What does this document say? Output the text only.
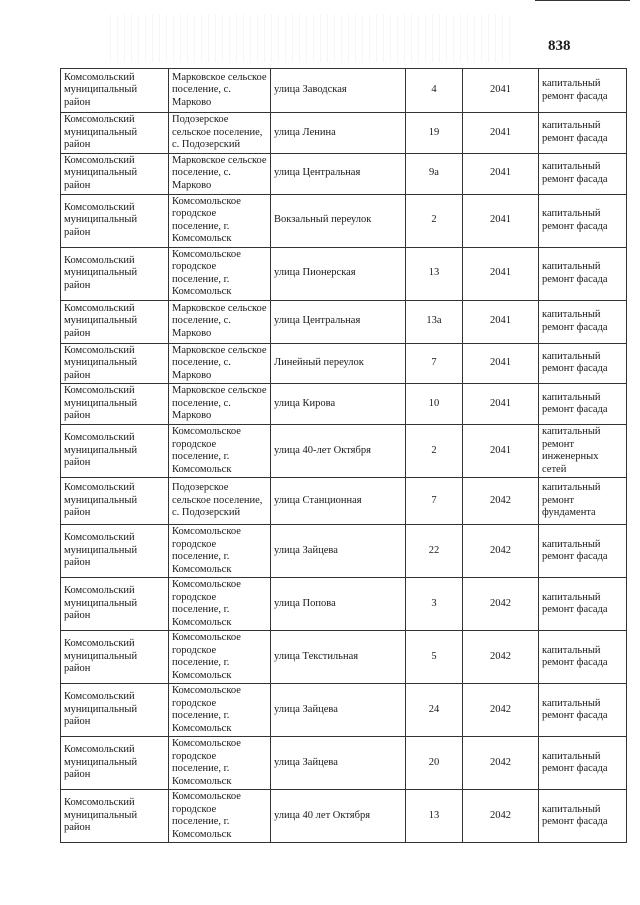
838
Комсомольский муниципальный район	Марковское сельское поселение, с. Марково	улица Заводская	4	2041	капитальный ремонт фасада
Комсомольский муниципальный район	Подозерское сельское поселение, с. Подозерский	улица Ленина	19	2041	капитальный ремонт фасада
Комсомольский муниципальный район	Марковское сельское поселение, с. Марково	улица Центральная	9а	2041	капитальный ремонт фасада
Комсомольский муниципальный район	Комсомольское городское поселение, г. Комсомольск	Вокзальный переулок	2	2041	капитальный ремонт фасада
Комсомольский муниципальный район	Комсомольское городское поселение, г. Комсомольск	улица Пионерская	13	2041	капитальный ремонт фасада
Комсомольский муниципальный район	Марковское сельское поселение, с. Марково	улица Центральная	13а	2041	капитальный ремонт фасада
Комсомольский муниципальный район	Марковское сельское поселение, с. Марково	Линейный переулок	7	2041	капитальный ремонт фасада
Комсомольский муниципальный район	Марковское сельское поселение, с. Марково	улица Кирова	10	2041	капитальный ремонт фасада
Комсомольский муниципальный район	Комсомольское городское поселение, г. Комсомольск	улица 40-лет Октября	2	2041	капитальный ремонт инженерных сетей
Комсомольский муниципальный район	Подозерское сельское поселение, с. Подозерский	улица Станционная	7	2042	капитальный ремонт фундамента
Комсомольский муниципальный район	Комсомольское городское поселение, г. Комсомольск	улица Зайцева	22	2042	капитальный ремонт фасада
Комсомольский муниципальный район	Комсомольское городское поселение, г. Комсомольск	улица Попова	3	2042	капитальный ремонт фасада
Комсомольский муниципальный район	Комсомольское городское поселение, г. Комсомольск	улица Текстильная	5	2042	капитальный ремонт фасада
Комсомольский муниципальный район	Комсомольское городское поселение, г. Комсомольск	улица Зайцева	24	2042	капитальный ремонт фасада
Комсомольский муниципальный район	Комсомольское городское поселение, г. Комсомольск	улица Зайцева	20	2042	капитальный ремонт фасада
Комсомольский муниципальный район	Комсомольское городское поселение, г. Комсомольск	улица 40 лет Октября	13	2042	капитальный ремонт фасада
